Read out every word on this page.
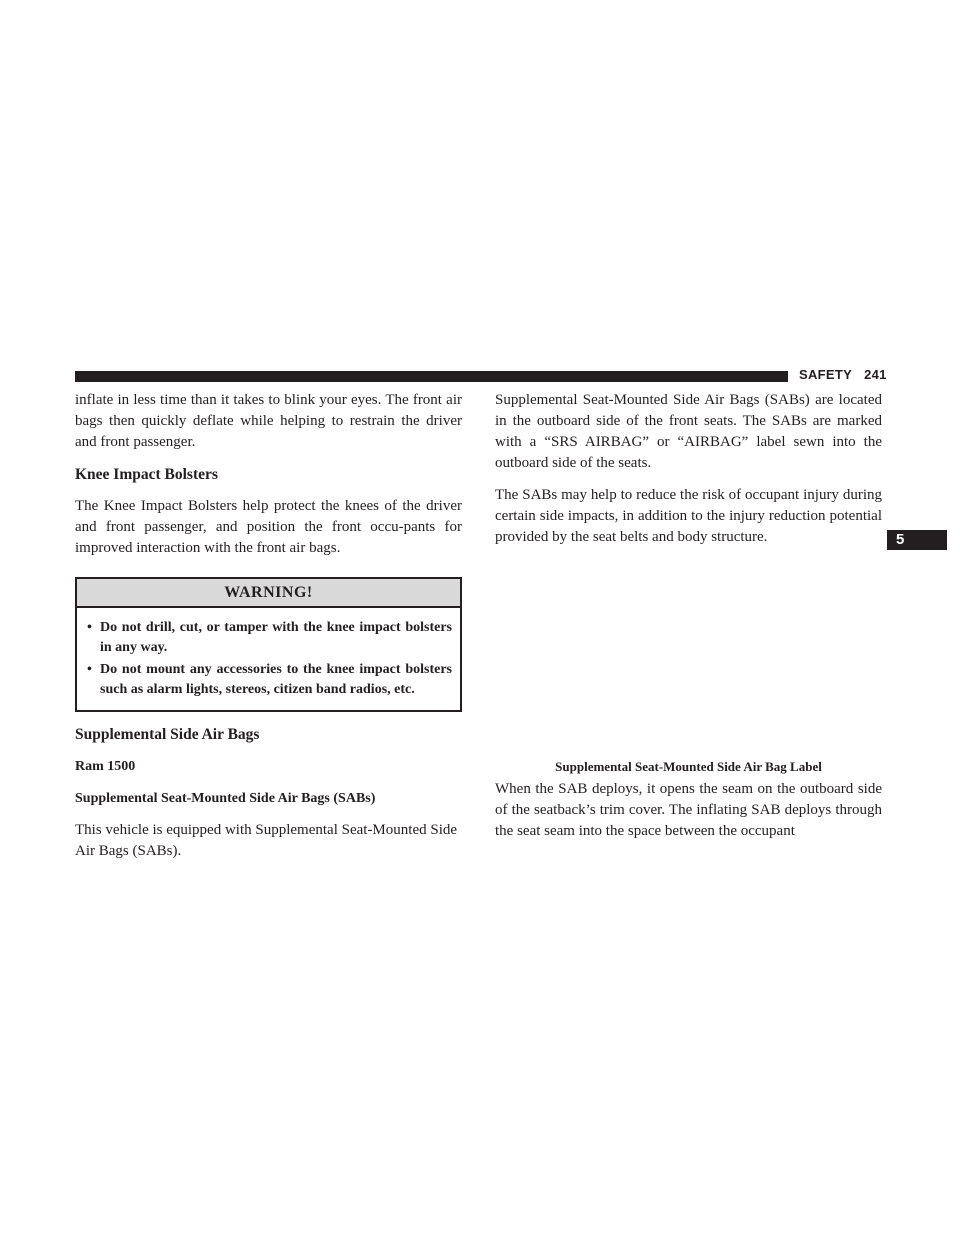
SAFETY 241

inflate in less time than it takes to blink your eyes. The front air bags then quickly deflate while helping to restrain the driver and front passenger.

Knee Impact Bolsters

The Knee Impact Bolsters help protect the knees of the driver and front passenger, and position the front occu-pants for improved interaction with the front air bags.

WARNING!
• Do not drill, cut, or tamper with the knee impact bolsters in any way.
• Do not mount any accessories to the knee impact bolsters such as alarm lights, stereos, citizen band radios, etc.
Supplemental Side Air Bags
Ram 1500
Supplemental Seat-Mounted Side Air Bags (SABs)

This vehicle is equipped with Supplemental Seat-Mounted Side Air Bags (SABs).

Supplemental Seat-Mounted Side Air Bags (SABs) are located in the outboard side of the front seats. The SABs are marked with a “SRS AIRBAG” or “AIRBAG” label sewn into the outboard side of the seats.

The SABs may help to reduce the risk of occupant injury during certain side impacts, in addition to the injury reduction potential provided by the seat belts and body structure.	5
Supplemental Seat-Mounted Side Air Bag Label

When the SAB deploys, it opens the seam on the outboard side of the seatback’s trim cover. The inflating SAB deploys through the seat seam into the space between the occupant
